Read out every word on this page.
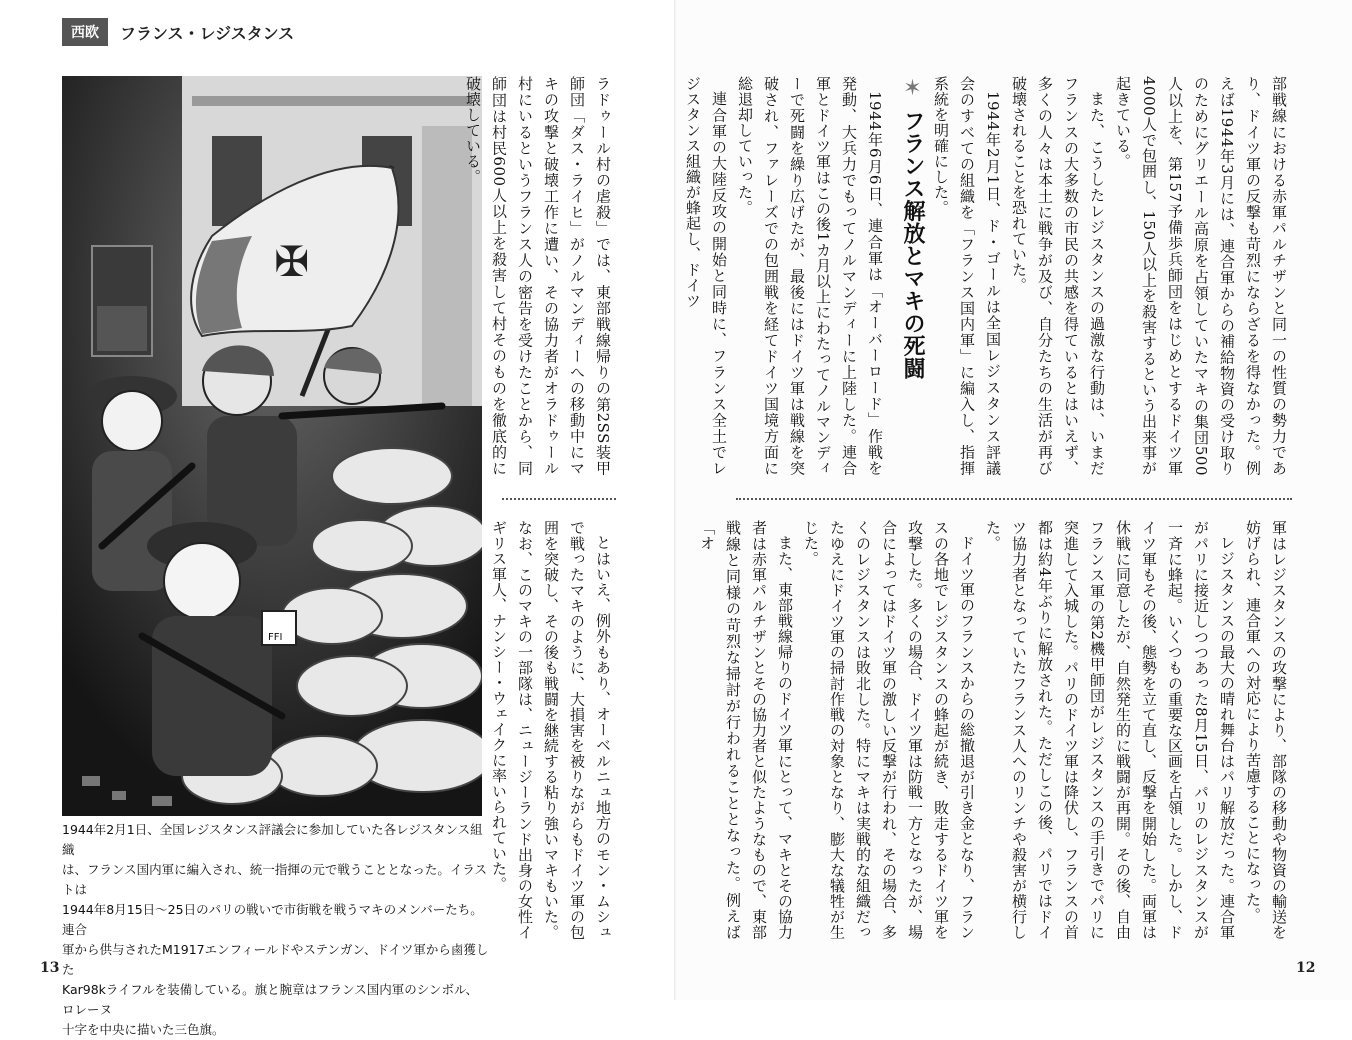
西欧	フランス・レジスタンス
✠
FFI

1944年2月1日、全国レジスタンス評議会に参加していた各レジスタンス組織

は、フランス国内軍に編入され、統一指揮の元で戦うこととなった。イラストは

1944年8月15日〜25日のパリの戦いで市街戦を戦うマキのメンバーたち。連合

軍から供与されたM1917エンフィールドやステンガン、ドイツ軍から鹵獲した

Kar98kライフルを装備している。旗と腕章はフランス国内軍のシンボル、ロレーヌ

十字を中央に描いた三色旗。

ラドゥール村の虐殺」では、東部戦線帰りの第2SS装甲師団「ダス・ライヒ」がノルマンディーへの移動中にマキの攻撃と破壊工作に遭い、その協力者がオラドゥール村にいるというフランス人の密告を受けたことから、同師団は村民600人以上を殺害して村そのものを徹底的に破壊している。

とはいえ、例外もあり、オーベルニュ地方のモン・ムシュで戦ったマキのように、大損害を被りながらもドイツ軍の包囲を突破し、その後も戦闘を継続する粘り強いマキもいた。なお、このマキの一部隊は、ニュージーランド出身の女性イギリス軍人、ナンシー・ウェイクに率いられていた。

13

部戦線における赤軍パルチザンと同一の性質の勢力であり、ドイツ軍の反撃も苛烈にならざるを得なかった。例えば1944年3月には、連合軍からの補給物資の受け取りのためにグリエール高原を占領していたマキの集団500人以上を、第157予備歩兵師団をはじめとするドイツ軍4000人で包囲し、150人以上を殺害するという出来事が起きている。

また、こうしたレジスタンスの過激な行動は、いまだフランスの大多数の市民の共感を得ているとはいえず、多くの人々は本土に戦争が及び、自分たちの生活が再び破壊されることを恐れていた。

1944年2月1日、ド・ゴールは全国レジスタンス評議会のすべての組織を「フランス国内軍」に編入し、指揮系統を明確にした。

✶ フランス解放とマキの死闘

1944年6月6日、連合軍は「オーバーロード」作戦を発動、大兵力でもってノルマンディーに上陸した。連合軍とドイツ軍はこの後1カ月以上にわたってノルマンディーで死闘を繰り広げたが、最後にはドイツ軍は戦線を突破され、ファレーズでの包囲戦を経てドイツ国境方面に総退却していった。

連合軍の大陸反攻の開始と同時に、フランス全土でレジスタンス組織が蜂起し、ドイツ

軍はレジスタンスの攻撃により、部隊の移動や物資の輸送を妨げられ、連合軍への対応により苦慮することになった。

レジスタンスの最大の晴れ舞台はパリ解放だった。連合軍がパリに接近しつつあった8月15日、パリのレジスタンスが一斉に蜂起。いくつもの重要な区画を占領した。しかし、ドイツ軍もその後、態勢を立て直し、反撃を開始した。両軍は休戦に同意したが、自然発生的に戦闘が再開。その後、自由フランス軍の第2機甲師団がレジスタンスの手引きでパリに突進して入城した。パリのドイツ軍は降伏し、フランスの首都は約4年ぶりに解放された。ただしこの後、パリではドイツ協力者となっていたフランス人へのリンチや殺害が横行した。

ドイツ軍のフランスからの総撤退が引き金となり、フランスの各地でレジスタンスの蜂起が続き、敗走するドイツ軍を攻撃した。多くの場合、ドイツ軍は防戦一方となったが、場合によってはドイツ軍の激しい反撃が行われ、その場合、多くのレジスタンスは敗北した。特にマキは実戦的な組織だったゆえにドイツ軍の掃討作戦の対象となり、膨大な犠牲が生じた。

また、東部戦線帰りのドイツ軍にとって、マキとその協力者は赤軍パルチザンとその協力者と似たようなもので、東部戦線と同様の苛烈な掃討が行われることとなった。例えば「オ

12
